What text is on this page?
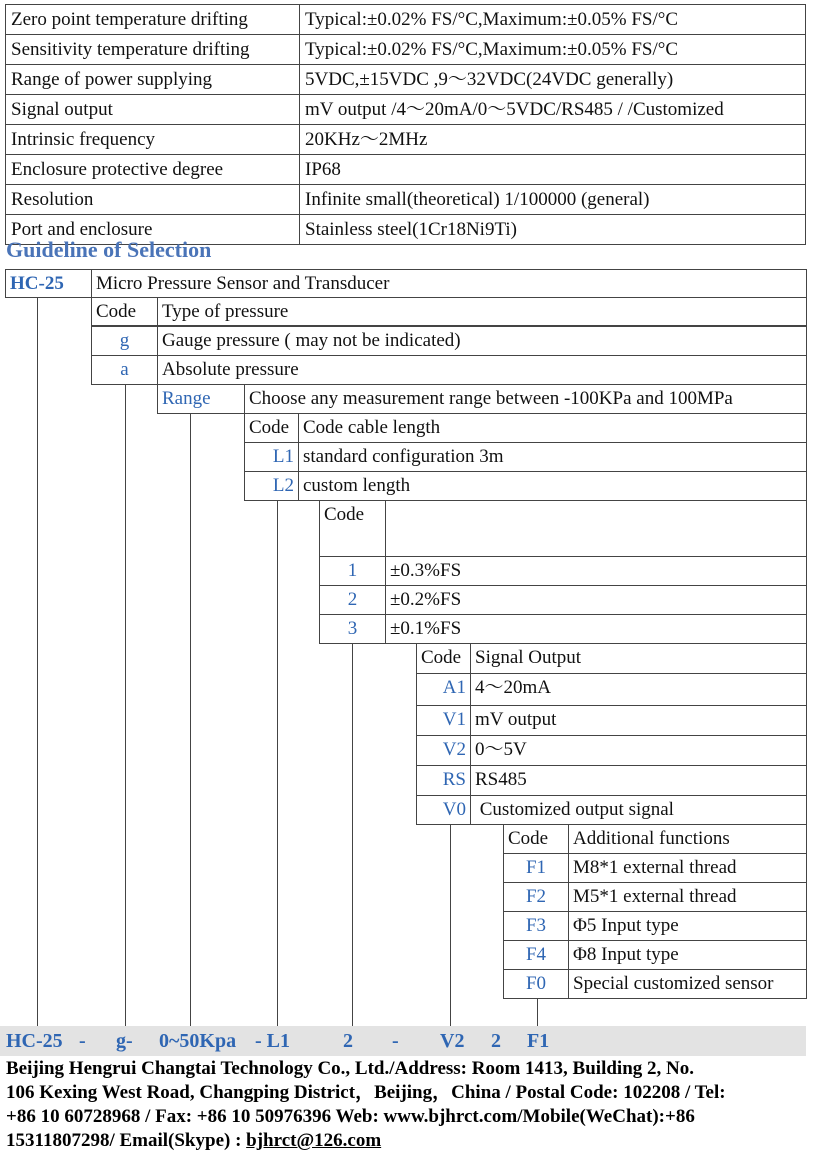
Zero point temperature drifting	Typical:±0.02% FS/°C,Maximum:±0.05% FS/°C
Sensitivity temperature drifting	Typical:±0.02% FS/°C,Maximum:±0.05% FS/°C
Range of power supplying	5VDC,±15VDC ,9～32VDC(24VDC generally)
Signal output	mV output /4～20mA/0～5VDC/RS485 / /Customized
Intrinsic frequency	20KHz～2MHz
Enclosure protective degree	IP68
Resolution	Infinite small(theoretical) 1/100000 (general)
Port and enclosure	Stainless steel(1Cr18Ni9Ti)
Guideline of Selection
HC-25	Micro Pressure Sensor and Transducer
Code	Type of pressure
g	Gauge pressure ( may not be indicated)
a	Absolute pressure
Range	Choose any measurement range between -100KPa and 100MPa
Code Code cable length
L1 standard configuration 3m
L2 custom length
Code

1	±0.3%FS
2	±0.2%FS
3	±0.1%FS
Code Signal Output
A1 4～20mA
V1 mV output
V2 0～5V
RS RS485
V0 Customized output signal
Code	Additional functions
F1	M8*1 external thread
F2	M5*1 external thread
F3	Φ5 Input type
F4	Φ8 Input type
F0	Special customized sensor
HC-25 - g- 0~50Kpa - L1	2 - V2 2 F1
Beijing Hengrui Changtai Technology Co., Ltd./Address: Room 1413, Building 2, No.
106 Kexing West Road, Changping District，Beijing，China / Postal Code: 102208 / Tel:
+86 10 60728968 / Fax: +86 10 50976396 Web: www.bjhrct.com/Mobile(WeChat):+86
15311807298/ Email(Skype) : bjhrct@126.com
